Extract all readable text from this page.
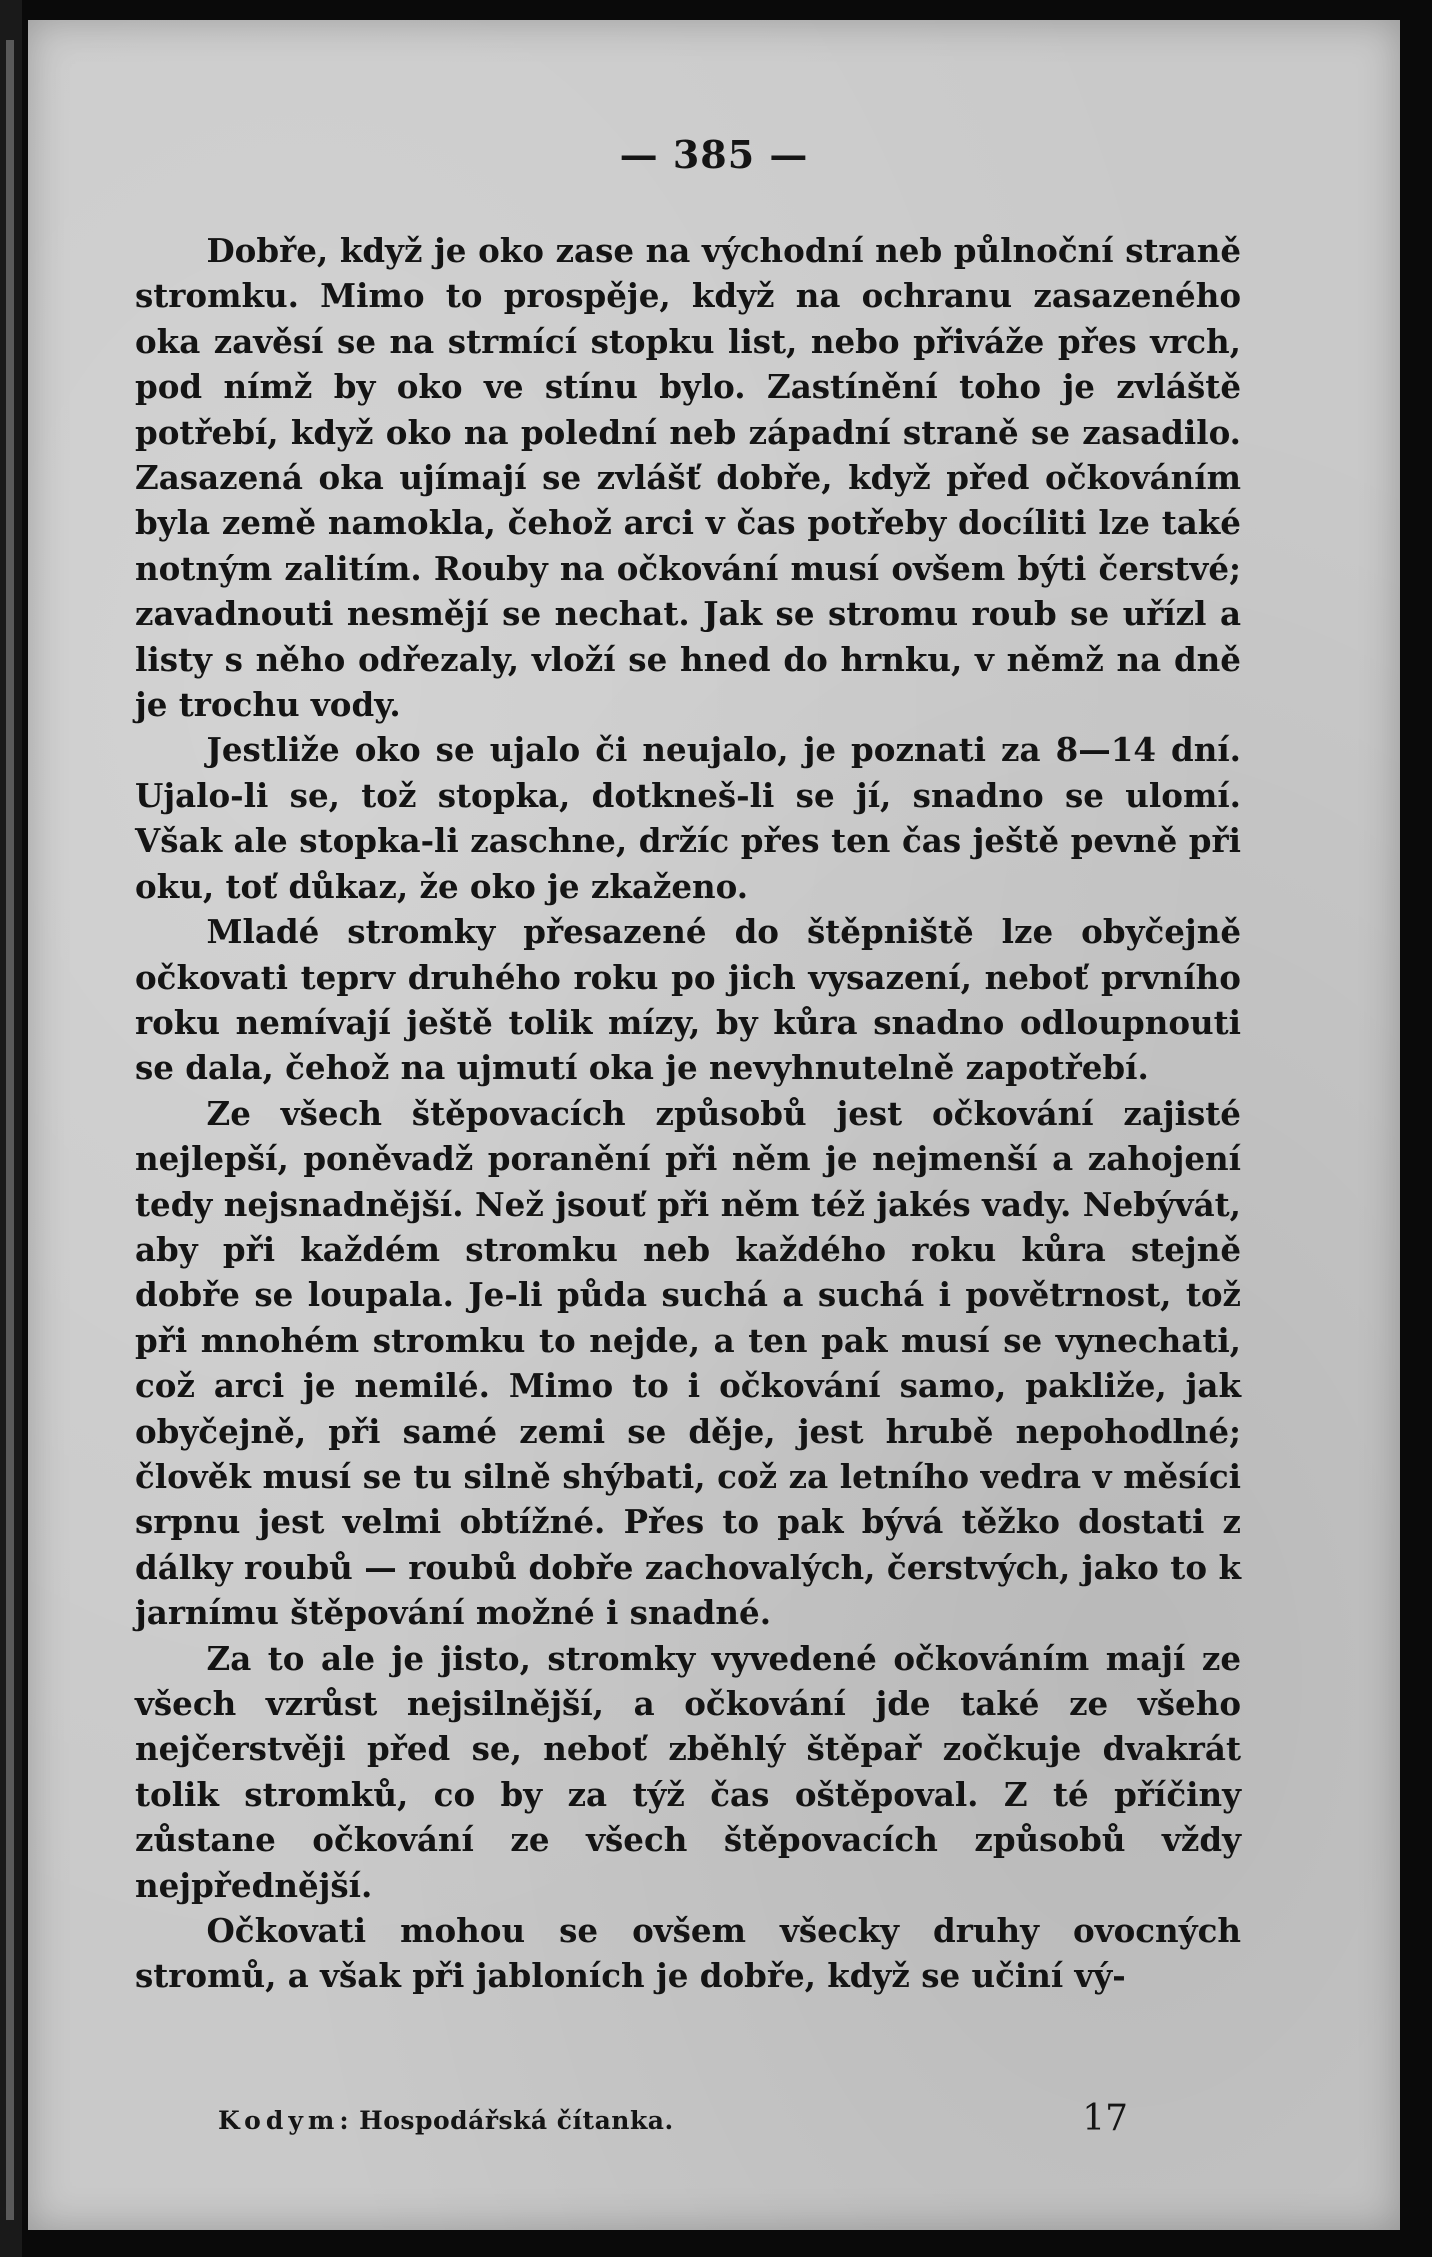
— 385 —

Dobře, když je oko zase na východní neb půlnoční straně stromku. Mimo to prospěje, když na ochranu zasazeného oka zavěsí se na strmící stopku list, nebo přiváže přes vrch, pod nímž by oko ve stínu bylo. Zastínění toho je zvláště potřebí, když oko na polední neb západní straně se zasadilo. Zasazená oka ujímají se zvlášť dobře, když před očkováním byla země namokla, čehož arci v čas potřeby docíliti lze také notným zalitím. Rouby na očkování musí ovšem býti čerstvé; zavadnouti nesmějí se nechat. Jak se stromu roub se uřízl a listy s něho odřezaly, vloží se hned do hrnku, v němž na dně je trochu vody.

Jestliže oko se ujalo či neujalo, je poznati za 8—14 dní. Ujalo-li se, tož stopka, dotkneš-li se jí, snadno se ulomí. Však ale stopka-li zaschne, držíc přes ten čas ještě pevně při oku, toť důkaz, že oko je zkaženo.

Mladé stromky přesazené do štěpniště lze obyčejně očkovati teprv druhého roku po jich vysazení, neboť prvního roku nemívají ještě tolik mízy, by kůra snadno odloupnouti se dala, čehož na ujmutí oka je nevyhnutelně zapotřebí.

Ze všech štěpovacích způsobů jest očkování zajisté nejlepší, poněvadž poranění při něm je nejmenší a zahojení tedy nejsnadnější. Než jsouť při něm též jakés vady. Nebývát, aby při každém stromku neb každého roku kůra stejně dobře se loupala. Je-li půda suchá a suchá i povětrnost, tož při mnohém stromku to nejde, a ten pak musí se vynechati, což arci je nemilé. Mimo to i očkování samo, pakliže, jak obyčejně, při samé zemi se děje, jest hrubě nepohodlné; člověk musí se tu silně shýbati, což za letního vedra v měsíci srpnu jest velmi obtížné. Přes to pak bývá těžko dostati z dálky roubů — roubů dobře zachovalých, čerstvých, jako to k jarnímu štěpování možné i snadné.

Za to ale je jisto, stromky vyvedené očkováním mají ze všech vzrůst nejsilnější, a očkování jde také ze všeho nejčerstvěji před se, neboť zběhlý štěpař zočkuje dvakrát tolik stromků, co by za týž čas oštěpoval. Z té příčiny zůstane očkování ze všech štěpovacích způsobů vždy nejpřednější.

Očkovati mohou se ovšem všecky druhy ovocných stromů, a však při jabloních je dobře, když se učiní vý-

Kodym: Hospodářská čítanka.	17
